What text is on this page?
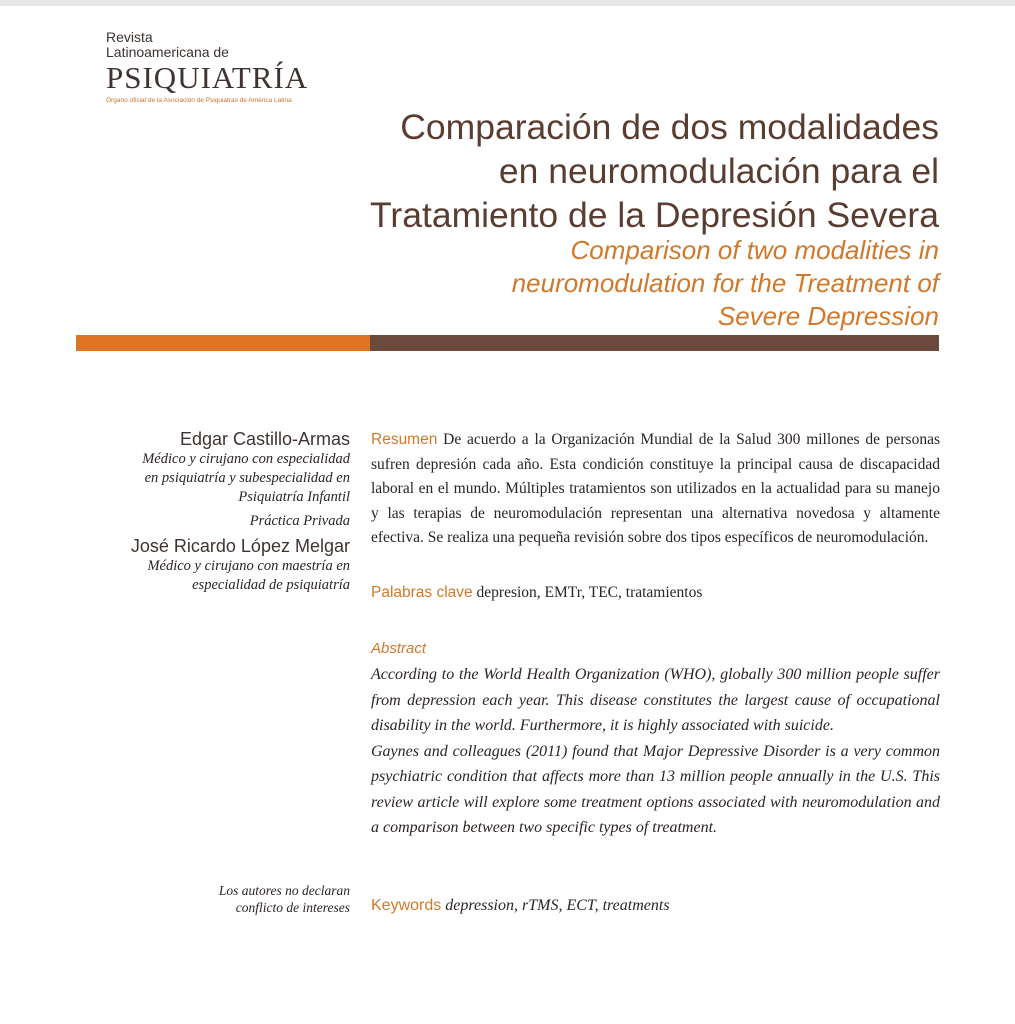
Revista
Latinoamericana de
PSIQUIATRÍA
Órgano oficial de la Asociación de Psiquiatras de América Latina
Comparación de dos modalidades
en neuromodulación para el
Tratamiento de la Depresión Severa
Comparison of two modalities in
neuromodulation for the Treatment of
Severe Depression
Edgar Castillo-Armas
Médico y cirujano con especialidad
en psiquiatría y subespecialidad en
Psiquiatría Infantil
Práctica Privada
José Ricardo López Melgar
Médico y cirujano con maestría en
especialidad de psiquiatría
Los autores no declaran
conflicto de intereses
Resumen De acuerdo a la Organización Mundial de la Salud 300 millones de personas sufren depresión cada año. Esta condición constituye la principal causa de discapacidad laboral en el mundo. Múltiples tratamientos son utilizados en la actualidad para su manejo y las terapias de neuromodulación representan una alternativa novedosa y altamente efectiva. Se realiza una pequeña revisión sobre dos tipos específicos de neuromodulación.
Palabras clave depresion, EMTr, TEC, tratamientos
Abstract

According to the World Health Organization (WHO), globally 300 million people suffer from depression each year. This disease constitutes the largest cause of occupational disability in the world. Furthermore, it is highly associated with suicide.

Gaynes and colleagues (2011) found that Major Depressive Disorder is a very common psychiatric condition that affects more than 13 million people annually in the U.S. This review article will explore some treatment options associated with neuromodulation and a comparison between two specific types of treatment.

Keywords depression, rTMS, ECT, treatments
